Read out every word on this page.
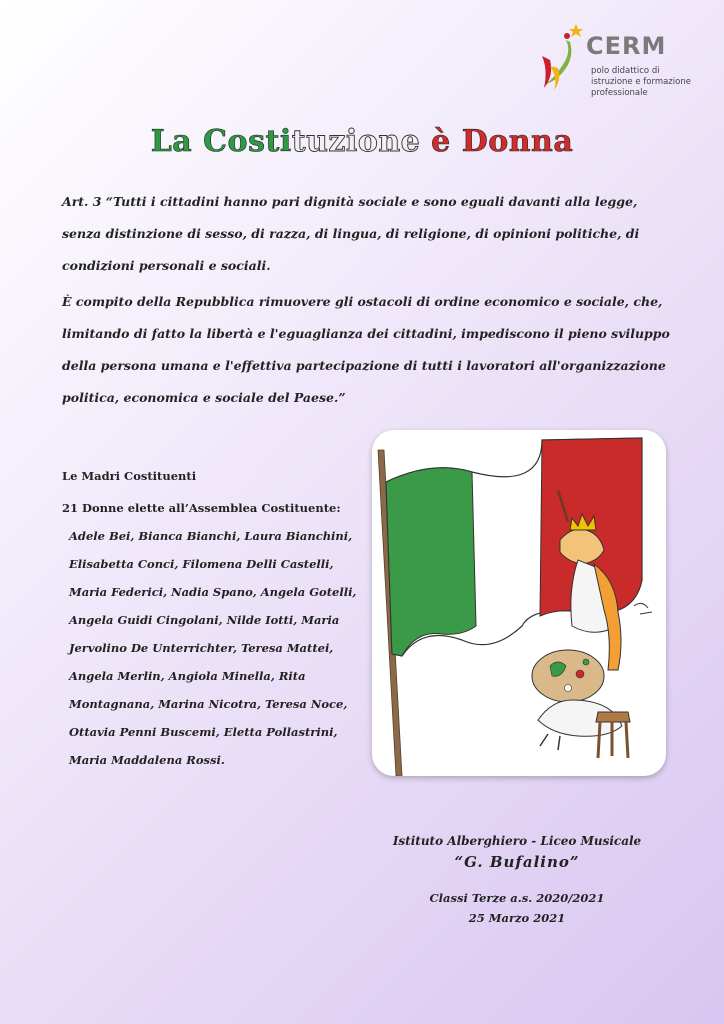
CERM
polo didattico di istruzione e formazione professionale
La Costituzione è Donna

Art. 3 “Tutti i cittadini hanno pari dignità sociale e sono eguali davanti alla legge, senza distinzione di sesso, di razza, di lingua, di religione, di opinioni politiche, di condizioni personali e sociali.

È compito della Repubblica rimuovere gli ostacoli di ordine economico e sociale, che, limitando di fatto la libertà e l'eguaglianza dei cittadini, impediscono il pieno sviluppo della persona umana e l'effettiva partecipazione di tutti i lavoratori all'organizzazione politica, economica e sociale del Paese.”

Le Madri Costituenti
21 Donne elette all’Assemblea Costituente:
Adele Bei, Bianca Bianchi, Laura Bianchini, Elisabetta Conci, Filomena Delli Castelli, Maria Federici, Nadia Spano, Angela Gotelli, Angela Guidi Cingolani, Nilde Iotti, Maria Jervolino De Unterrichter, Teresa Mattei, Angela Merlin, Angiola Minella, Rita Montagnana, Marina Nicotra, Teresa Noce, Ottavia Penni Buscemi, Eletta Pollastrini, Maria Maddalena Rossi.
Istituto Alberghiero - Liceo Musicale
“G. Bufalino”
Classi Terze a.s. 2020/2021
25 Marzo 2021
